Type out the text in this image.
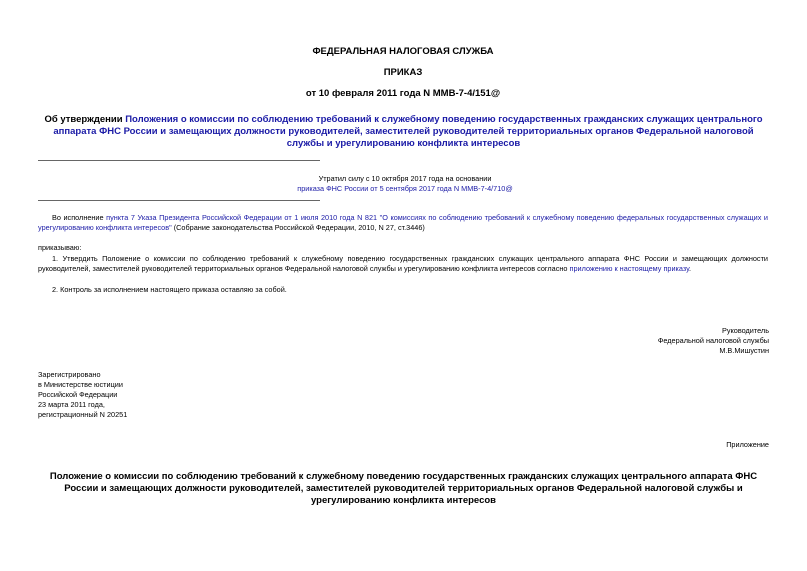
ФЕДЕРАЛЬНАЯ НАЛОГОВАЯ СЛУЖБА
ПРИКАЗ
от 10 февраля 2011 года N ММВ-7-4/151@
Об утверждении Положения о комиссии по соблюдению требований к служебному поведению государственных гражданских служащих центрального аппарата ФНС России и замещающих должности руководителей, заместителей руководителей территориальных органов Федеральной налоговой службы и урегулированию конфликта интересов
Утратил силу с 10 октября 2017 года на основании
приказа ФНС России от 5 сентября 2017 года N ММВ-7-4/710@
Во исполнение пункта 7 Указа Президента Российской Федерации от 1 июля 2010 года N 821 "О комиссиях по соблюдению требований к служебному поведению федеральных государственных служащих и урегулированию конфликта интересов" (Собрание законодательства Российской Федерации, 2010, N 27, ст.3446)
приказываю:
1. Утвердить Положение о комиссии по соблюдению требований к служебному поведению государственных гражданских служащих центрального аппарата ФНС России и замещающих должности руководителей, заместителей руководителей территориальных органов Федеральной налоговой службы и урегулированию конфликта интересов согласно приложению к настоящему приказу.
2. Контроль за исполнением настоящего приказа оставляю за собой.
Руководитель
Федеральной налоговой службы
М.В.Мишустин
Зарегистрировано
в Министерстве юстиции
Российской Федерации
23 марта 2011 года,
регистрационный N 20251
Приложение
Положение о комиссии по соблюдению требований к служебному поведению государственных гражданских служащих центрального аппарата ФНС России и замещающих должности руководителей, заместителей руководителей территориальных органов Федеральной налоговой службы и урегулированию конфликта интересов
